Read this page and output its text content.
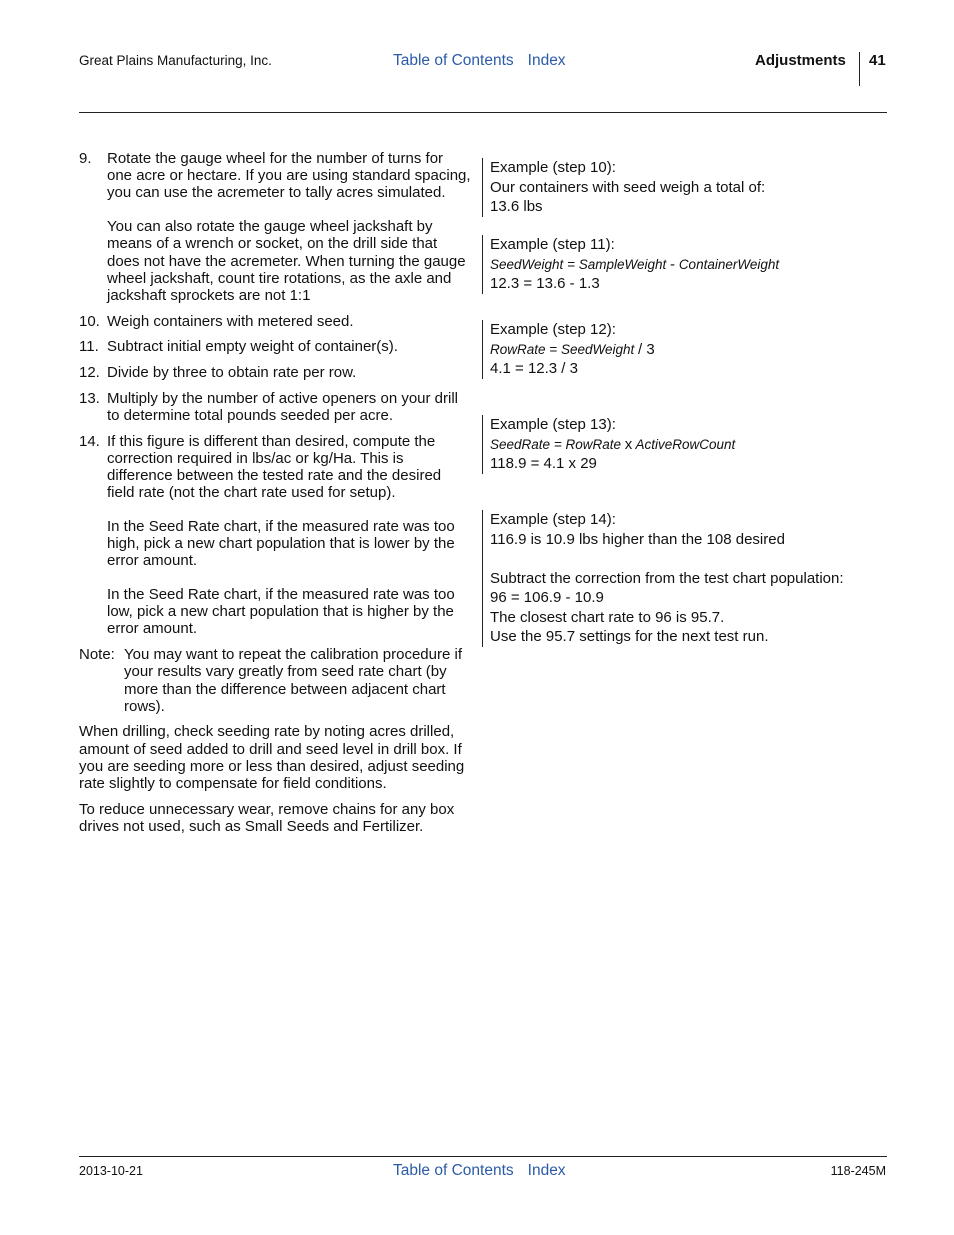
Great Plains Manufacturing, Inc.	Table of Contents Index	Adjustments 41
9. Rotate the gauge wheel for the number of turns for one acre or hectare. If you are using standard spacing, you can use the acremeter to tally acres simulated.

You can also rotate the gauge wheel jackshaft by means of a wrench or socket, on the drill side that does not have the acremeter. When turning the gauge wheel jackshaft, count tire rotations, as the axle and jackshaft sprockets are not 1:1

10. Weigh containers with metered seed.

11. Subtract initial empty weight of container(s).

12. Divide by three to obtain rate per row.

13. Multiply by the number of active openers on your drill to determine total pounds seeded per acre.

14. If this figure is different than desired, compute the correction required in lbs/ac or kg/Ha. This is difference between the tested rate and the desired field rate (not the chart rate used for setup).

In the Seed Rate chart, if the measured rate was too high, pick a new chart population that is lower by the error amount.

In the Seed Rate chart, if the measured rate was too low, pick a new chart population that is higher by the error amount.

Note: You may want to repeat the calibration procedure if your results vary greatly from seed rate chart (by more than the difference between adjacent chart rows).

When drilling, check seeding rate by noting acres drilled, amount of seed added to drill and seed level in drill box. If you are seeding more or less than desired, adjust seeding rate slightly to compensate for field conditions.

To reduce unnecessary wear, remove chains for any box drives not used, such as Small Seeds and Fertilizer.

Example (step 10):
Our containers with seed weigh a total of:
13.6 lbs
Example (step 11):
SeedWeight = SampleWeight - ContainerWeight
12.3 = 13.6 - 1.3
Example (step 12):
RowRate = SeedWeight / 3
4.1 = 12.3 / 3
Example (step 13):
SeedRate = RowRate x ActiveRowCount
118.9 = 4.1 x 29
Example (step 14):
116.9 is 10.9 lbs higher than the 108 desired
Subtract the correction from the test chart population:
96 = 106.9 - 10.9
The closest chart rate to 96 is 95.7.
Use the 95.7 settings for the next test run.
2013-10-21	Table of Contents Index	118-245M
